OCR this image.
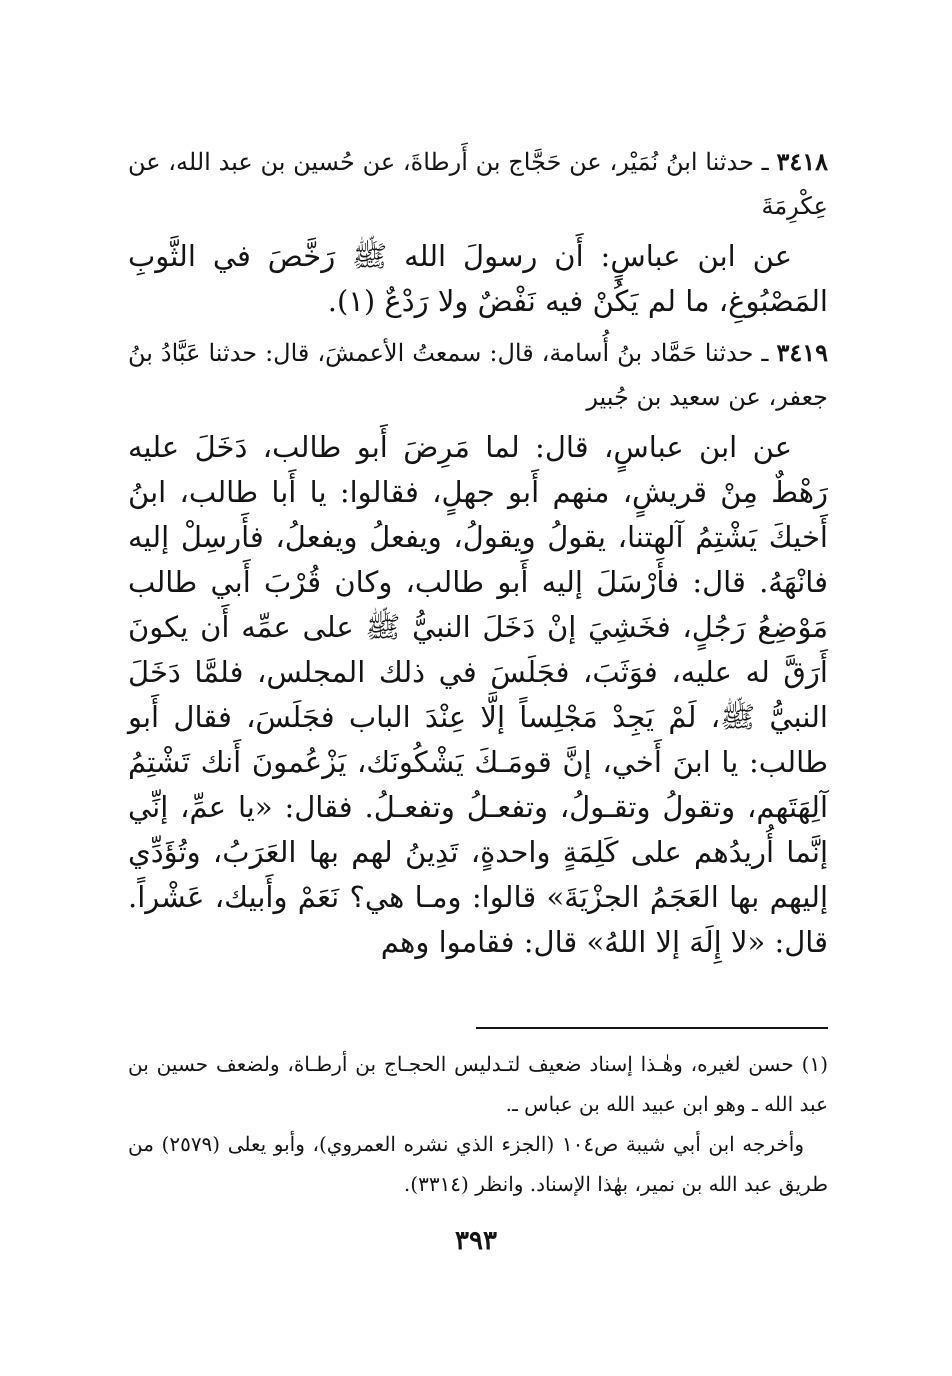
٣٤١٨ ـ حدثنا ابنُ نُمَيْر، عن حَجَّاج بن أَرطاةَ، عن حُسين بن عبد الله، عن عِكْرِمَةَ

عن ابن عباسٍ: أَن رسولَ الله ﷺ رَخَّصَ في الثَّوبِ المَصْبُوغِ، ما لم يَكُنْ فيه نَفْضٌ ولا رَدْعٌ (١).

٣٤١٩ ـ حدثنا حَمَّاد بنُ أُسامة، قال: سمعتُ الأعمشَ، قال: حدثنا عَبَّادُ بنُ جعفر، عن سعيد بن جُبير

عن ابن عباسٍ، قال: لما مَرِضَ أَبو طالب، دَخَلَ عليه رَهْطٌ مِنْ قريشٍ، منهم أَبو جهلٍ، فقالوا: يا أَبا طالب، ابنُ أَخيكَ يَشْتِمُ آلهتنا، يقولُ ويقولُ، ويفعلُ ويفعلُ، فأَرسِلْ إليه فانْهَهُ. قال: فأَرْسَلَ إليه أَبو طالب، وكان قُرْبَ أَبي طالب مَوْضِعُ رَجُلٍ، فخَشِيَ إنْ دَخَلَ النبيُّ ﷺ على عمِّه أَن يكونَ أَرَقَّ له عليه، فوَثَبَ، فجَلَسَ في ذلك المجلس، فلمَّا دَخَلَ النبيُّ ﷺ، لَمْ يَجِدْ مَجْلِساً إلَّا عِنْدَ الباب فجَلَسَ، فقال أَبو طالب: يا ابنَ أَخي، إنَّ قومَـكَ يَشْكُونَك، يَزْعُمونَ أَنك تَشْتِمُ آلِهَتَهم، وتقولُ وتقـولُ، وتفعـلُ وتفعـلُ. فقال: «يا عمِّ، إنِّي إنَّما أُريدُهم على كَلِمَةٍ واحدةٍ، تَدِينُ لهم بها العَرَبُ، وتُؤَدِّي إليهم بها العَجَمُ الجزْيَةَ» قالوا: ومـا هي؟ نَعَمْ وأَبيك، عَشْراً. قال: «لا إِلَهَ إلا اللهُ» قال: فقاموا وهم

(١) حسن لغيره، وهٰـذا إسناد ضعيف لتـدليس الحجـاج بن أرطـاة، ولضعف حسين بن عبد الله ـ وهو ابن عبيد الله بن عباس ـ.

وأخرجه ابن أبي شيبة ص١٠٤ (الجزء الذي نشره العمروي)، وأبو يعلى (٢٥٧٩) من طريق عبد الله بن نمير، بهٰذا الإسناد. وانظر (٣٣١٤).

٣٩٣
